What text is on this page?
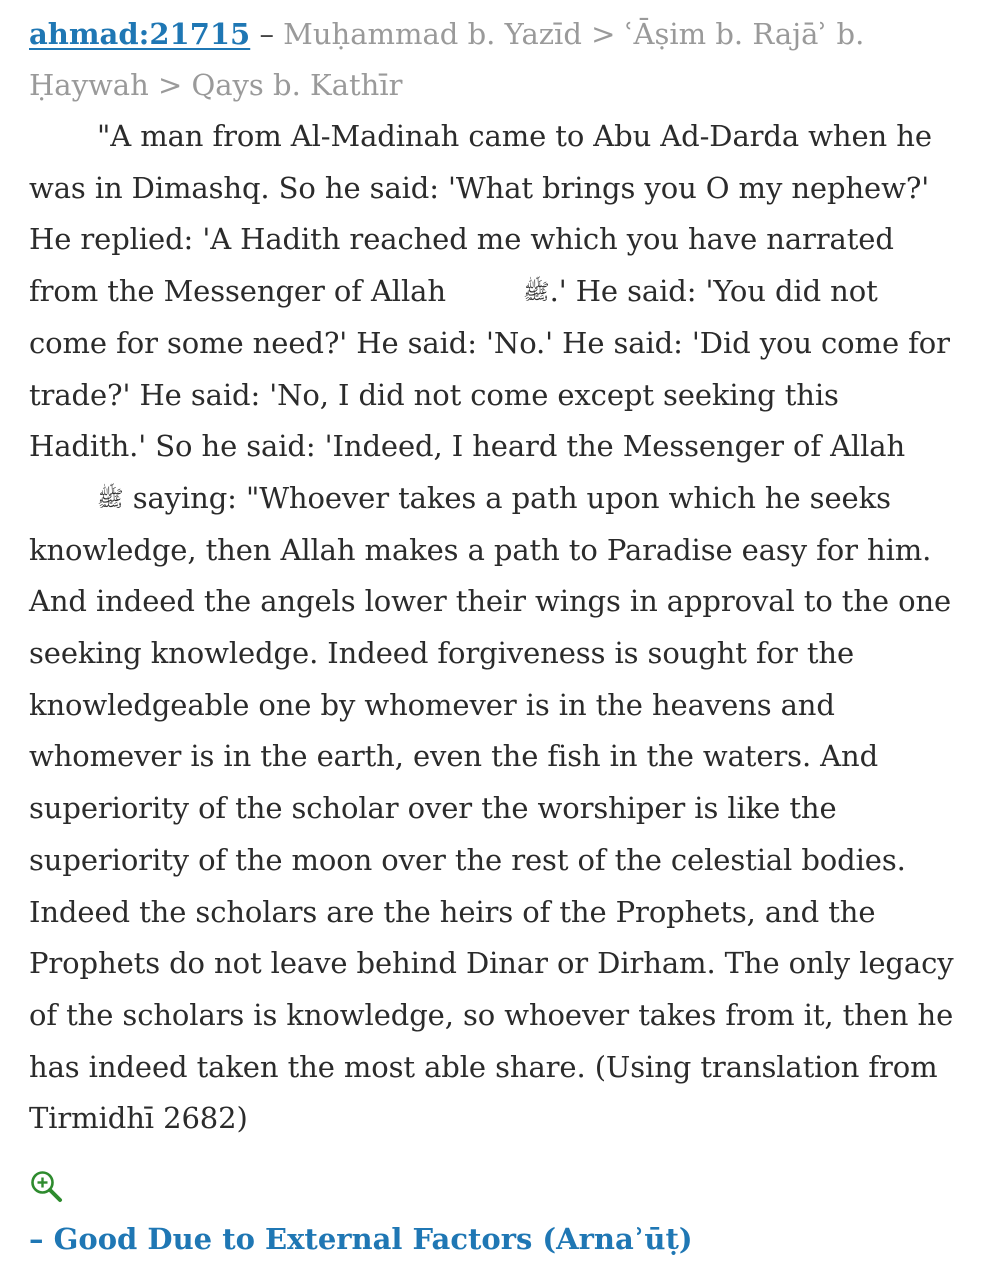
ahmad:21715 – Muḥammad b. Yazīd > ʿĀṣim b. Rajāʾ b. Ḥaywah > Qays b. Kathīr

"A man from Al-Madinah came to Abu Ad-Darda when he was in Dimashq. So he said: 'What brings you O my nephew?' He replied: 'A Hadith reached me which you have narrated from the Messenger of Allah	ﷺ.' He said: 'You did not come for some need?' He said: 'No.' He said: 'Did you come for trade?' He said: 'No, I did not come except seeking this Hadith.' So he said: 'Indeed, I heard the Messenger of Allah ﷺ saying: "Whoever takes a path upon which he seeks knowledge, then Allah makes a path to Paradise easy for him. And indeed the angels lower their wings in approval to the one seeking knowledge. Indeed forgiveness is sought for the knowledgeable one by whomever is in the heavens and whomever is in the earth, even the fish in the waters. And superiority of the scholar over the worshiper is like the superiority of the moon over the rest of the celestial bodies. Indeed the scholars are the heirs of the Prophets, and the Prophets do not leave behind Dinar or Dirham. The only legacy of the scholars is knowledge, so whoever takes from it, then he has indeed taken the most able share. (Using translation from Tirmidhī 2682)

– Good Due to External Factors (Arnaʾūṭ)
